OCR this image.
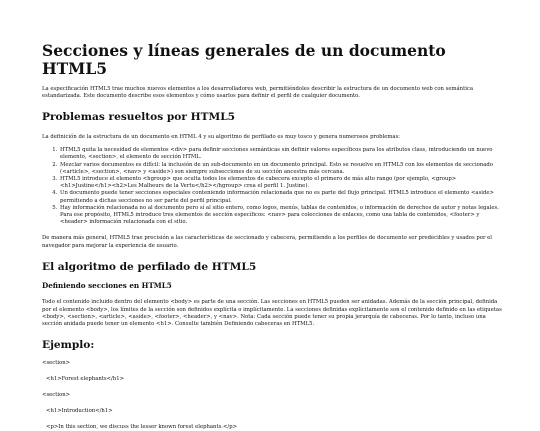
Secciones y líneas generales de un documento HTML5

La especificación HTML5 trae muchos nuevos elementos a los desarrolladores web, permitiéndoles describir la estructura de un documento web con semántica estandarizada. Este documento describe esos elementos y cómo usarlos para definir el perfil de cualquier documento.

Problemas resueltos por HTML5

La definición de la estructura de un documento en HTML 4 y su algoritmo de perfilado es muy tosco y genera numerosos problemas:

1. HTML5 quita la necesidad de elementos <div> para definir secciones semánticas sin definir valores específicos para los atributos class, introduciendo un nuevo elemento, <section>, el elemento de sección HTML.
2. Mezclar varios documentos es difícil: la inclusión de un sub-documento en un documento principal. Esto se resuelve en HTML5 con los elementos de seccionado (<article>, <section>, <nav> y <aside>) son siempre subsecciones de su sección ancestra más cercana.
3. HTML5 introduce el elemento <hgroup> que oculta todos los elementos de cabecera excepto el primero de más alto rango (por ejemplo, <group><h1>Justine</h1><h2>Les Malheurs de la Vertu</h2></hgroup> crea el perfil 1. Justine).
4. Un documento puede tener secciones especiales conteniendo información relacionada que no es parte del flujo principal. HTML5 introduce el elemento <aside> permitiendo a dichas secciones no ser parte del perfil principal.
5. Hay información relacionada no al documento pero sí al sitio entero, como logos, menús, tablas de contenidos, o información de derechos de autor y notas legales. Para ese propósito, HTML5 introduce tres elementos de sección específicos: <nav> para colecciones de enlaces, como una tabla de contenidos, <footer> y <header> información relacionada con el sitio.

De manera más general, HTML5 trae precisión a las características de seccionado y cabecera, permitiendo a los perfiles de documento ser predecibles y usados por el navegador para mejorar la experiencia de usuario.

El algoritmo de perfilado de HTML5
Definiendo secciones en HTML5

Todo el contenido incluido dentro del elemento <body> es parte de una sección. Las secciones en HTML5 pueden ser anidadas. Además de la sección principal, definida por el elemento <body>, los límites de la sección son definidos explícita o implícitamente. La secciones definidas explícitamente son el contenido definido en las etiquetas <body>, <section>, <article>, <aside>, <footer>, <header>, y <nav>. Nota: Cada sección puede tener su propia jerarquía de cabeceras. Por lo tanto, incluso una sección anidada puede tener un elemento <h1>. Consulte también Definiendo cabeceras en HTML5.

Ejemplo:

<section>

<h1>Forest elephants</h1>

<section>

<h1>Introduction</h1>

<p>In this section, we discuss the lesser known forest elephants.</p>
